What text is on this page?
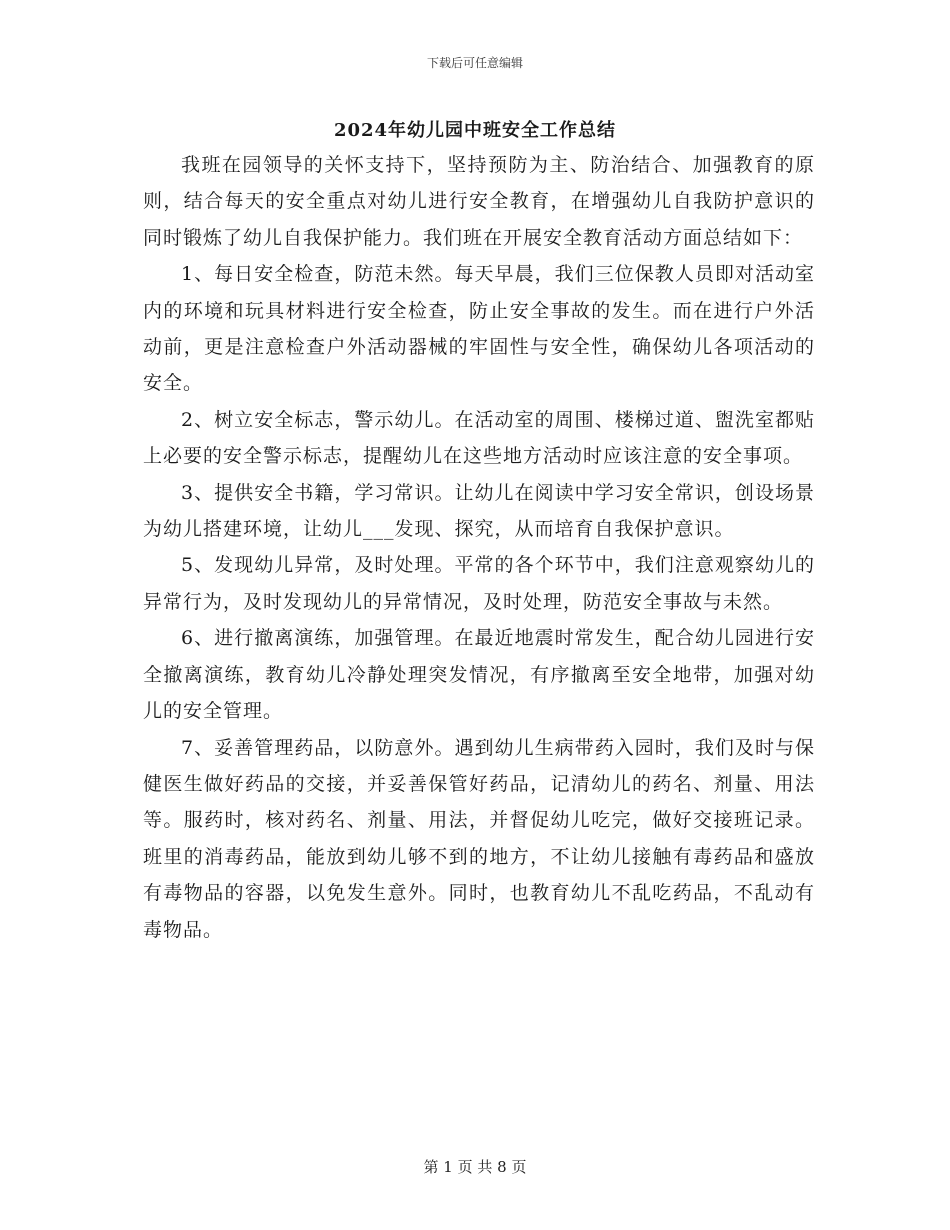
下载后可任意编辑
2024年幼儿园中班安全工作总结

我班在园领导的关怀支持下，坚持预防为主、防治结合、加强教育的原则，结合每天的安全重点对幼儿进行安全教育，在增强幼儿自我防护意识的同时锻炼了幼儿自我保护能力。我们班在开展安全教育活动方面总结如下：

1、每日安全检查，防范未然。每天早晨，我们三位保教人员即对活动室内的环境和玩具材料进行安全检查，防止安全事故的发生。而在进行户外活动前，更是注意检查户外活动器械的牢固性与安全性，确保幼儿各项活动的安全。

2、树立安全标志，警示幼儿。在活动室的周围、楼梯过道、盥洗室都贴上必要的安全警示标志，提醒幼儿在这些地方活动时应该注意的安全事项。

3、提供安全书籍，学习常识。让幼儿在阅读中学习安全常识，创设场景为幼儿搭建环境，让幼儿___发现、探究，从而培育自我保护意识。

5、发现幼儿异常，及时处理。平常的各个环节中，我们注意观察幼儿的异常行为，及时发现幼儿的异常情况，及时处理，防范安全事故与未然。

6、进行撤离演练，加强管理。在最近地震时常发生，配合幼儿园进行安全撤离演练，教育幼儿冷静处理突发情况，有序撤离至安全地带，加强对幼儿的安全管理。

7、妥善管理药品，以防意外。遇到幼儿生病带药入园时，我们及时与保健医生做好药品的交接，并妥善保管好药品，记清幼儿的药名、剂量、用法等。服药时，核对药名、剂量、用法，并督促幼儿吃完，做好交接班记录。班里的消毒药品，能放到幼儿够不到的地方，不让幼儿接触有毒药品和盛放有毒物品的容器，以免发生意外。同时，也教育幼儿不乱吃药品，不乱动有毒物品。

第 1 页 共 8 页
